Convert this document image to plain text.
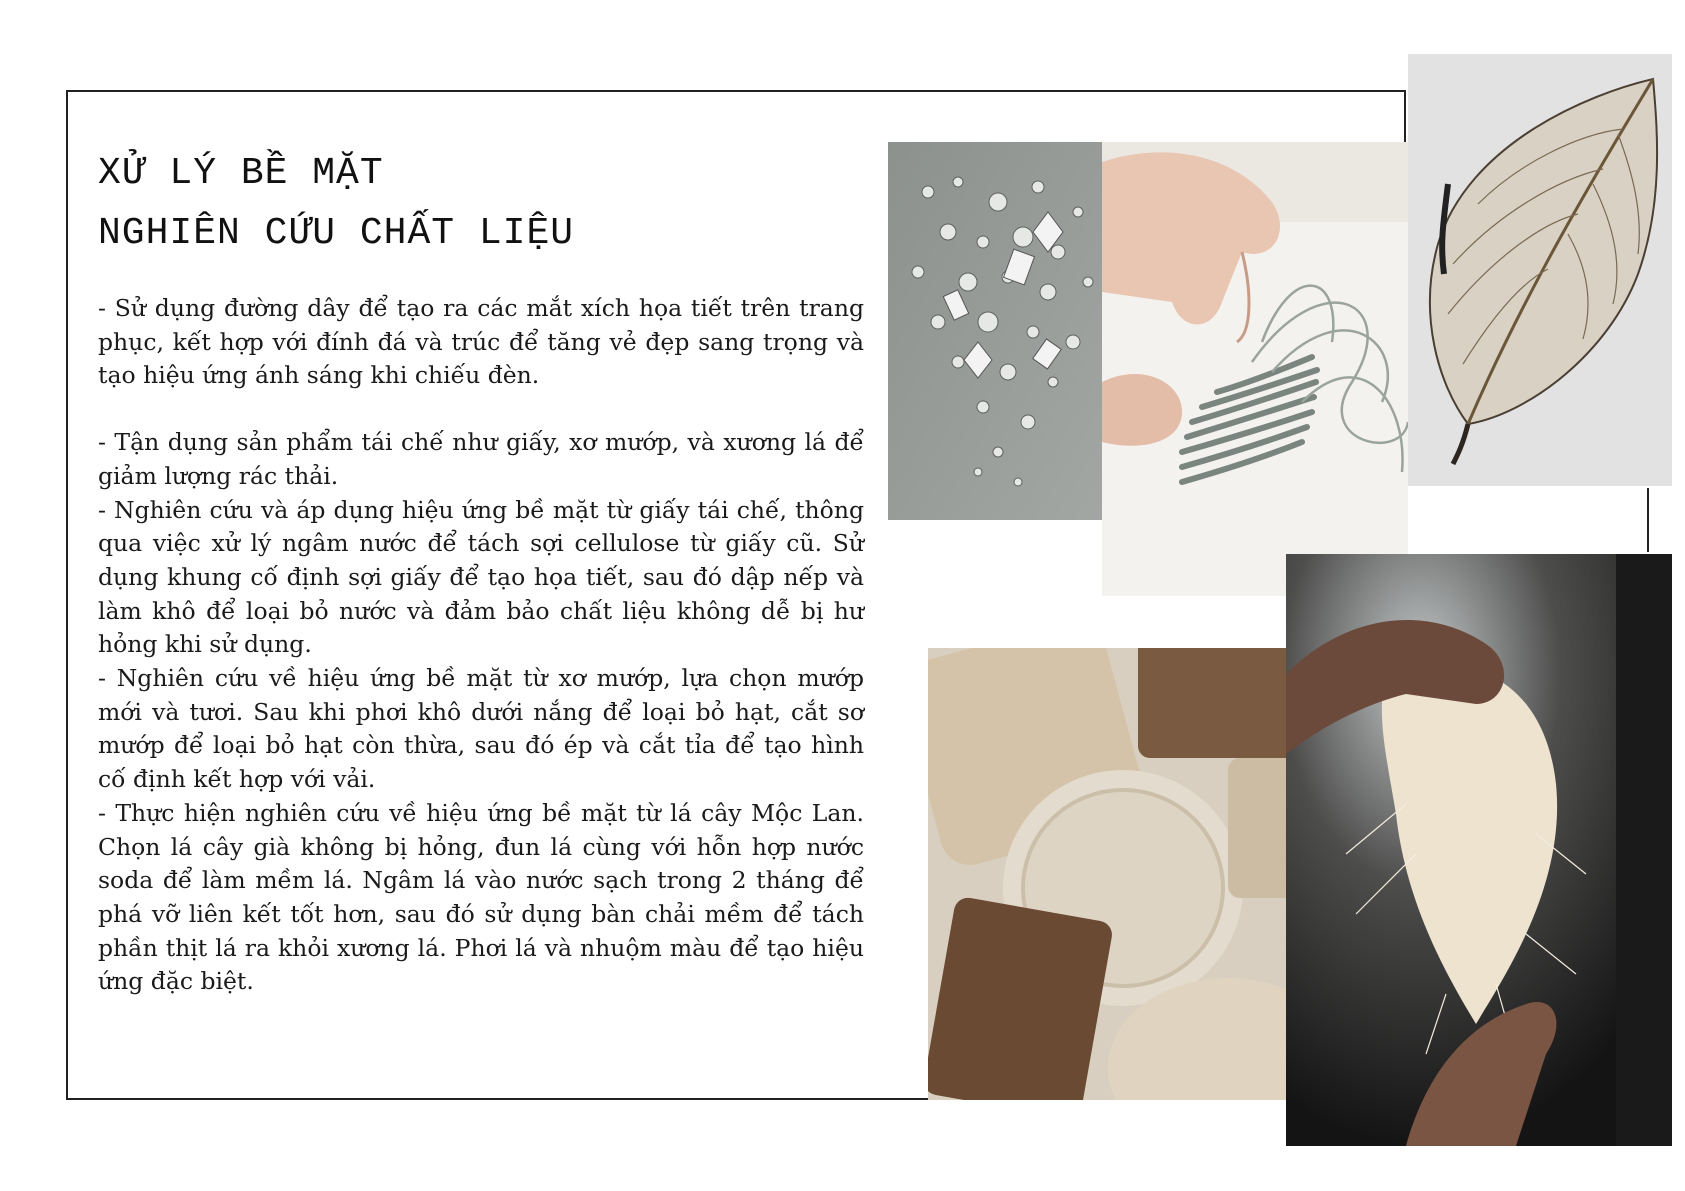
XỬ LÝ BỀ MẶT
NGHIÊN CỨU CHẤT LIỆU

- Sử dụng đường dây để tạo ra các mắt xích họa tiết trên trang phục, kết hợp với đính đá và trúc để tăng vẻ đẹp sang trọng và tạo hiệu ứng ánh sáng khi chiếu đèn.

- Tận dụng sản phẩm tái chế như giấy, xơ mướp, và xương lá để giảm lượng rác thải.

- Nghiên cứu và áp dụng hiệu ứng bề mặt từ giấy tái chế, thông qua việc xử lý ngâm nước để tách sợi cellulose từ giấy cũ. Sử dụng khung cố định sợi giấy để tạo họa tiết, sau đó dập nếp và làm khô để loại bỏ nước và đảm bảo chất liệu không dễ bị hư hỏng khi sử dụng.

- Nghiên cứu về hiệu ứng bề mặt từ xơ mướp, lựa chọn mướp mới và tươi. Sau khi phơi khô dưới nắng để loại bỏ hạt, cắt sơ mướp để loại bỏ hạt còn thừa, sau đó ép và cắt tỉa để tạo hình cố định kết hợp với vải.

- Thực hiện nghiên cứu về hiệu ứng bề mặt từ lá cây Mộc Lan. Chọn lá cây già không bị hỏng, đun lá cùng với hỗn hợp nước soda để làm mềm lá. Ngâm lá vào nước sạch trong 2 tháng để phá vỡ liên kết tốt hơn, sau đó sử dụng bàn chải mềm để tách phần thịt lá ra khỏi xương lá. Phơi lá và nhuộm màu để tạo hiệu ứng đặc biệt.
